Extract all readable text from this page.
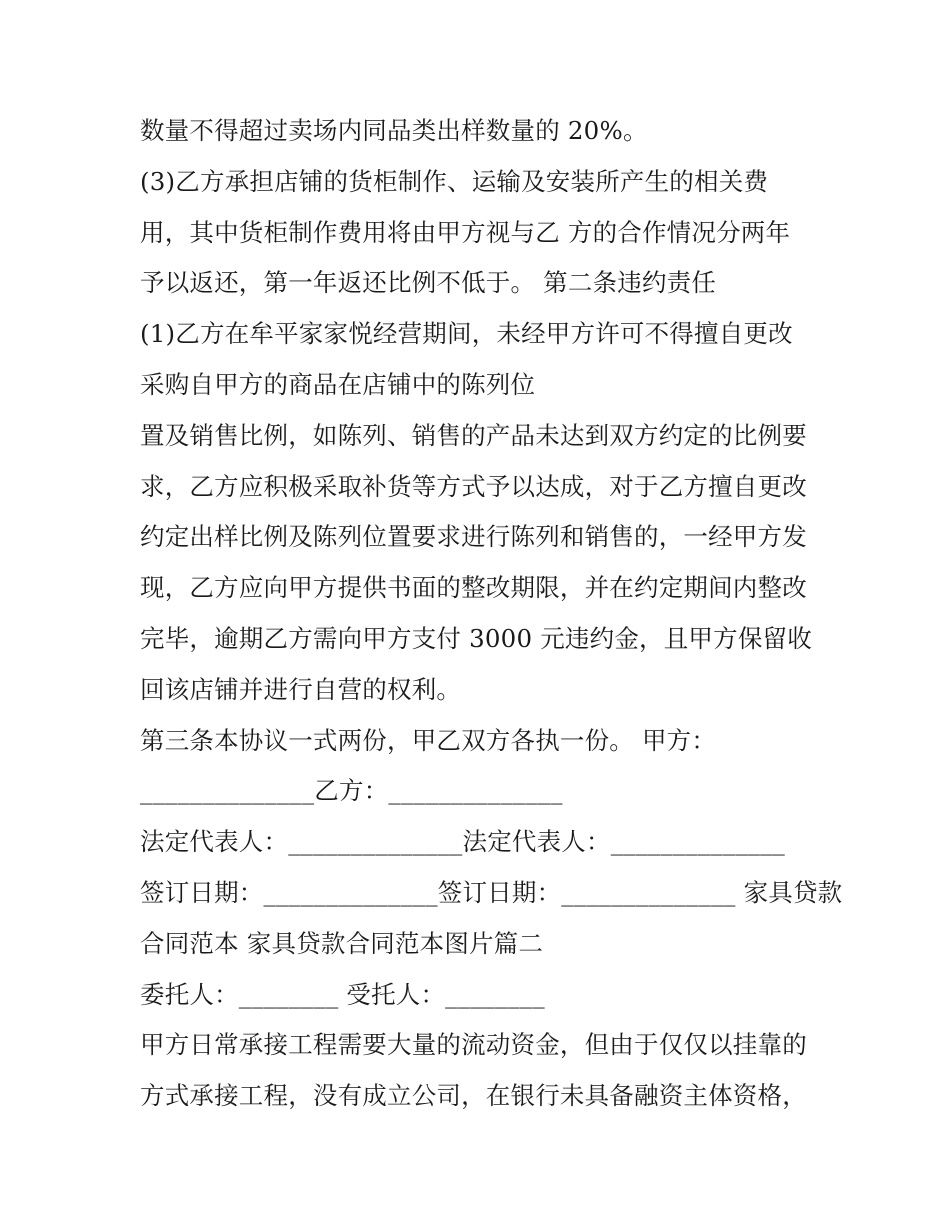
数量不得超过卖场内同品类出样数量的 20%。
(3)乙方承担店铺的货柜制作、运输及安装所产生的相关费
用，其中货柜制作费用将由甲方视与乙 方的合作情况分两年
予以返还，第一年返还比例不低于。 第二条违约责任
(1)乙方在牟平家家悦经营期间，未经甲方许可不得擅自更改
采购自甲方的商品在店铺中的陈列位
置及销售比例，如陈列、销售的产品未达到双方约定的比例要
求，乙方应积极采取补货等方式予以达成，对于乙方擅自更改
约定出样比例及陈列位置要求进行陈列和销售的，一经甲方发
现，乙方应向甲方提供书面的整改期限，并在约定期间内整改
完毕，逾期乙方需向甲方支付 3000 元违约金，且甲方保留收
回该店铺并进行自营的权利。
第三条本协议一式两份，甲乙双方各执一份。 甲方：
______________乙方：______________
法定代表人：______________法定代表人：______________
签订日期：______________签订日期：______________ 家具贷款
合同范本 家具贷款合同范本图片篇二
委托人：________ 受托人：________
甲方日常承接工程需要大量的流动资金，但由于仅仅以挂靠的
方式承接工程，没有成立公司，在银行未具备融资主体资格，
